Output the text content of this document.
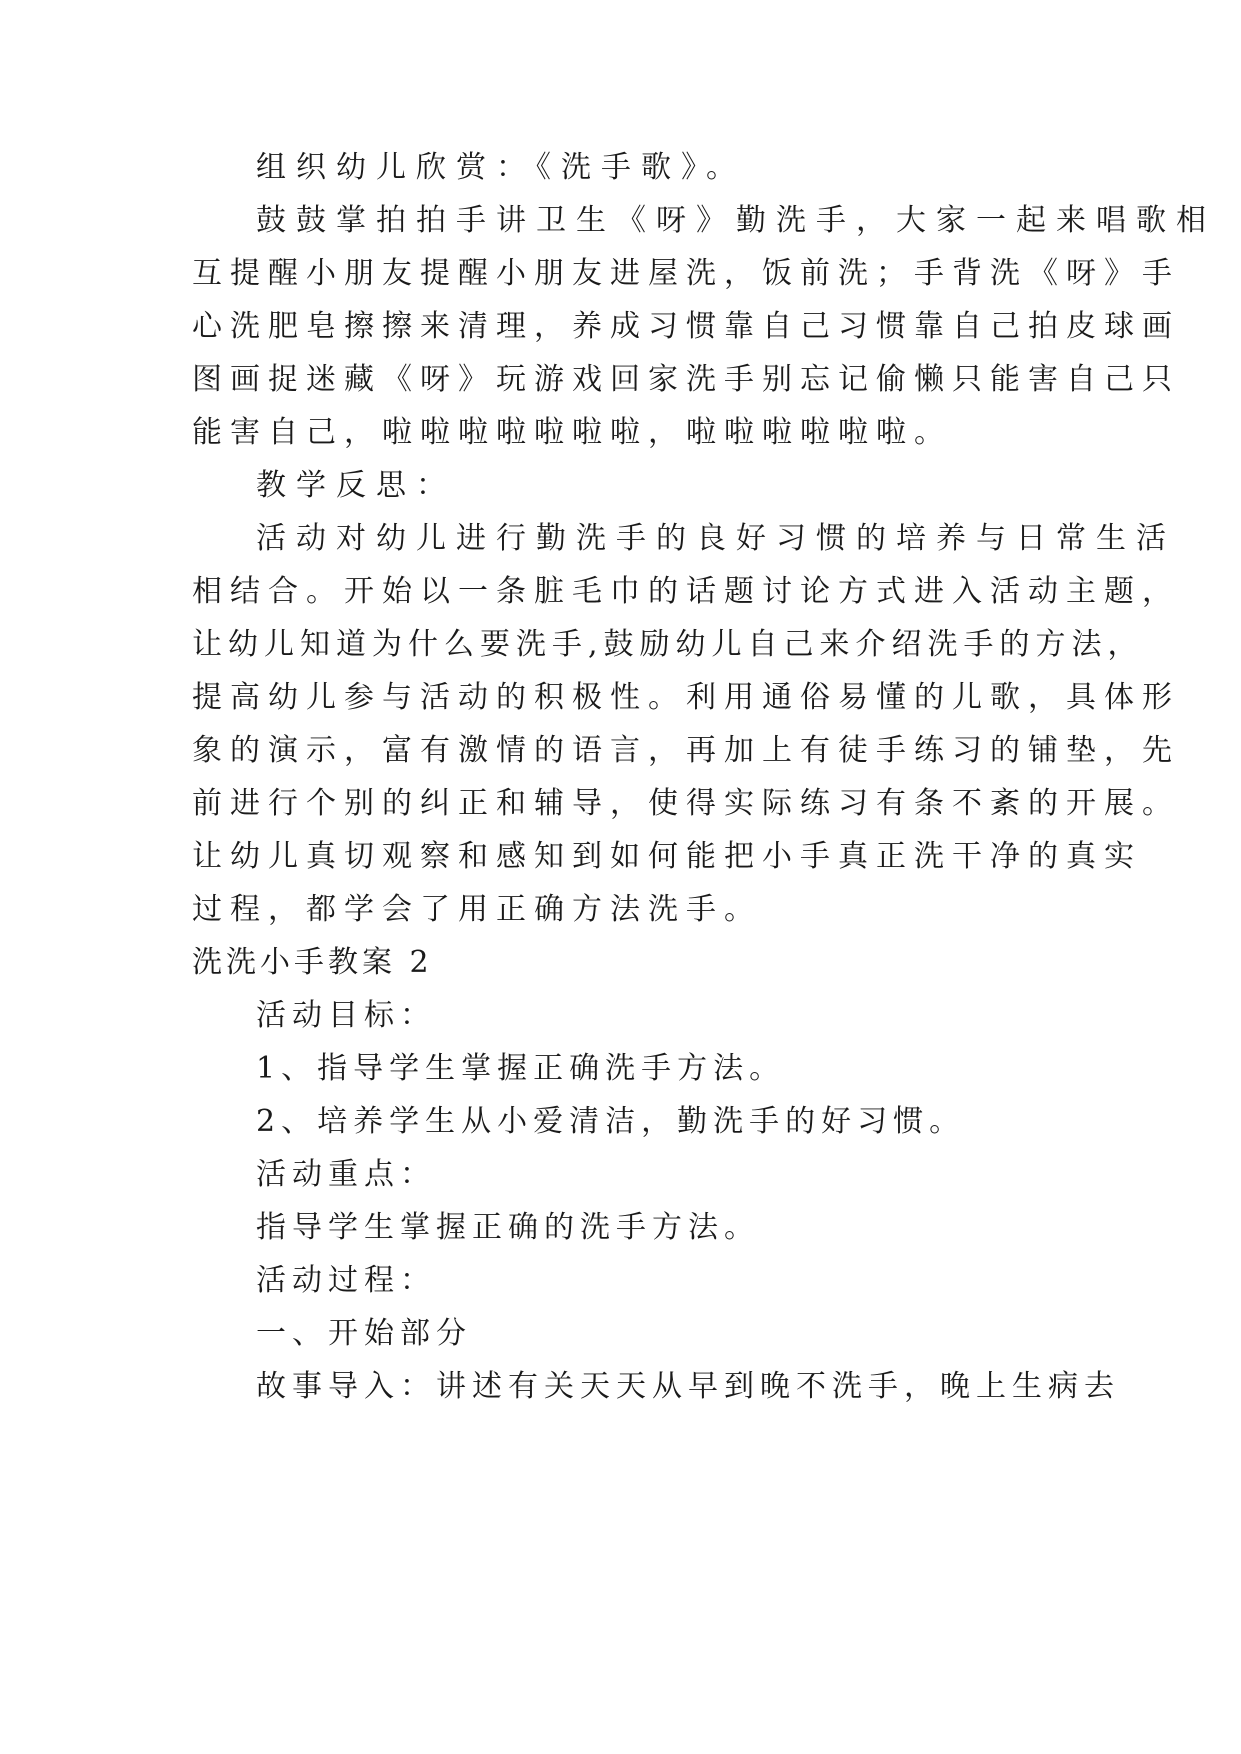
组织幼儿欣赏：《洗手歌》。
鼓鼓掌拍拍手讲卫生《呀》勤洗手，大家一起来唱歌相
互提醒小朋友提醒小朋友进屋洗，饭前洗；手背洗《呀》手
心洗肥皂擦擦来清理，养成习惯靠自己习惯靠自己拍皮球画
图画捉迷藏《呀》玩游戏回家洗手别忘记偷懒只能害自己只
能害自己，啦啦啦啦啦啦啦，啦啦啦啦啦啦。
教学反思：
活动对幼儿进行勤洗手的良好习惯的培养与日常生活
相结合。开始以一条脏毛巾的话题讨论方式进入活动主题，
让幼儿知道为什么要洗手,鼓励幼儿自己来介绍洗手的方法，
提高幼儿参与活动的积极性。利用通俗易懂的儿歌，具体形
象的演示，富有激情的语言，再加上有徒手练习的铺垫，先
前进行个别的纠正和辅导，使得实际练习有条不紊的开展。
让幼儿真切观察和感知到如何能把小手真正洗干净的真实
过程，都学会了用正确方法洗手。
洗洗小手教案 2
活动目标：
1、指导学生掌握正确洗手方法。
2、培养学生从小爱清洁，勤洗手的好习惯。
活动重点：
指导学生掌握正确的洗手方法。
活动过程：
一、开始部分
故事导入：讲述有关天天从早到晚不洗手，晚上生病去
